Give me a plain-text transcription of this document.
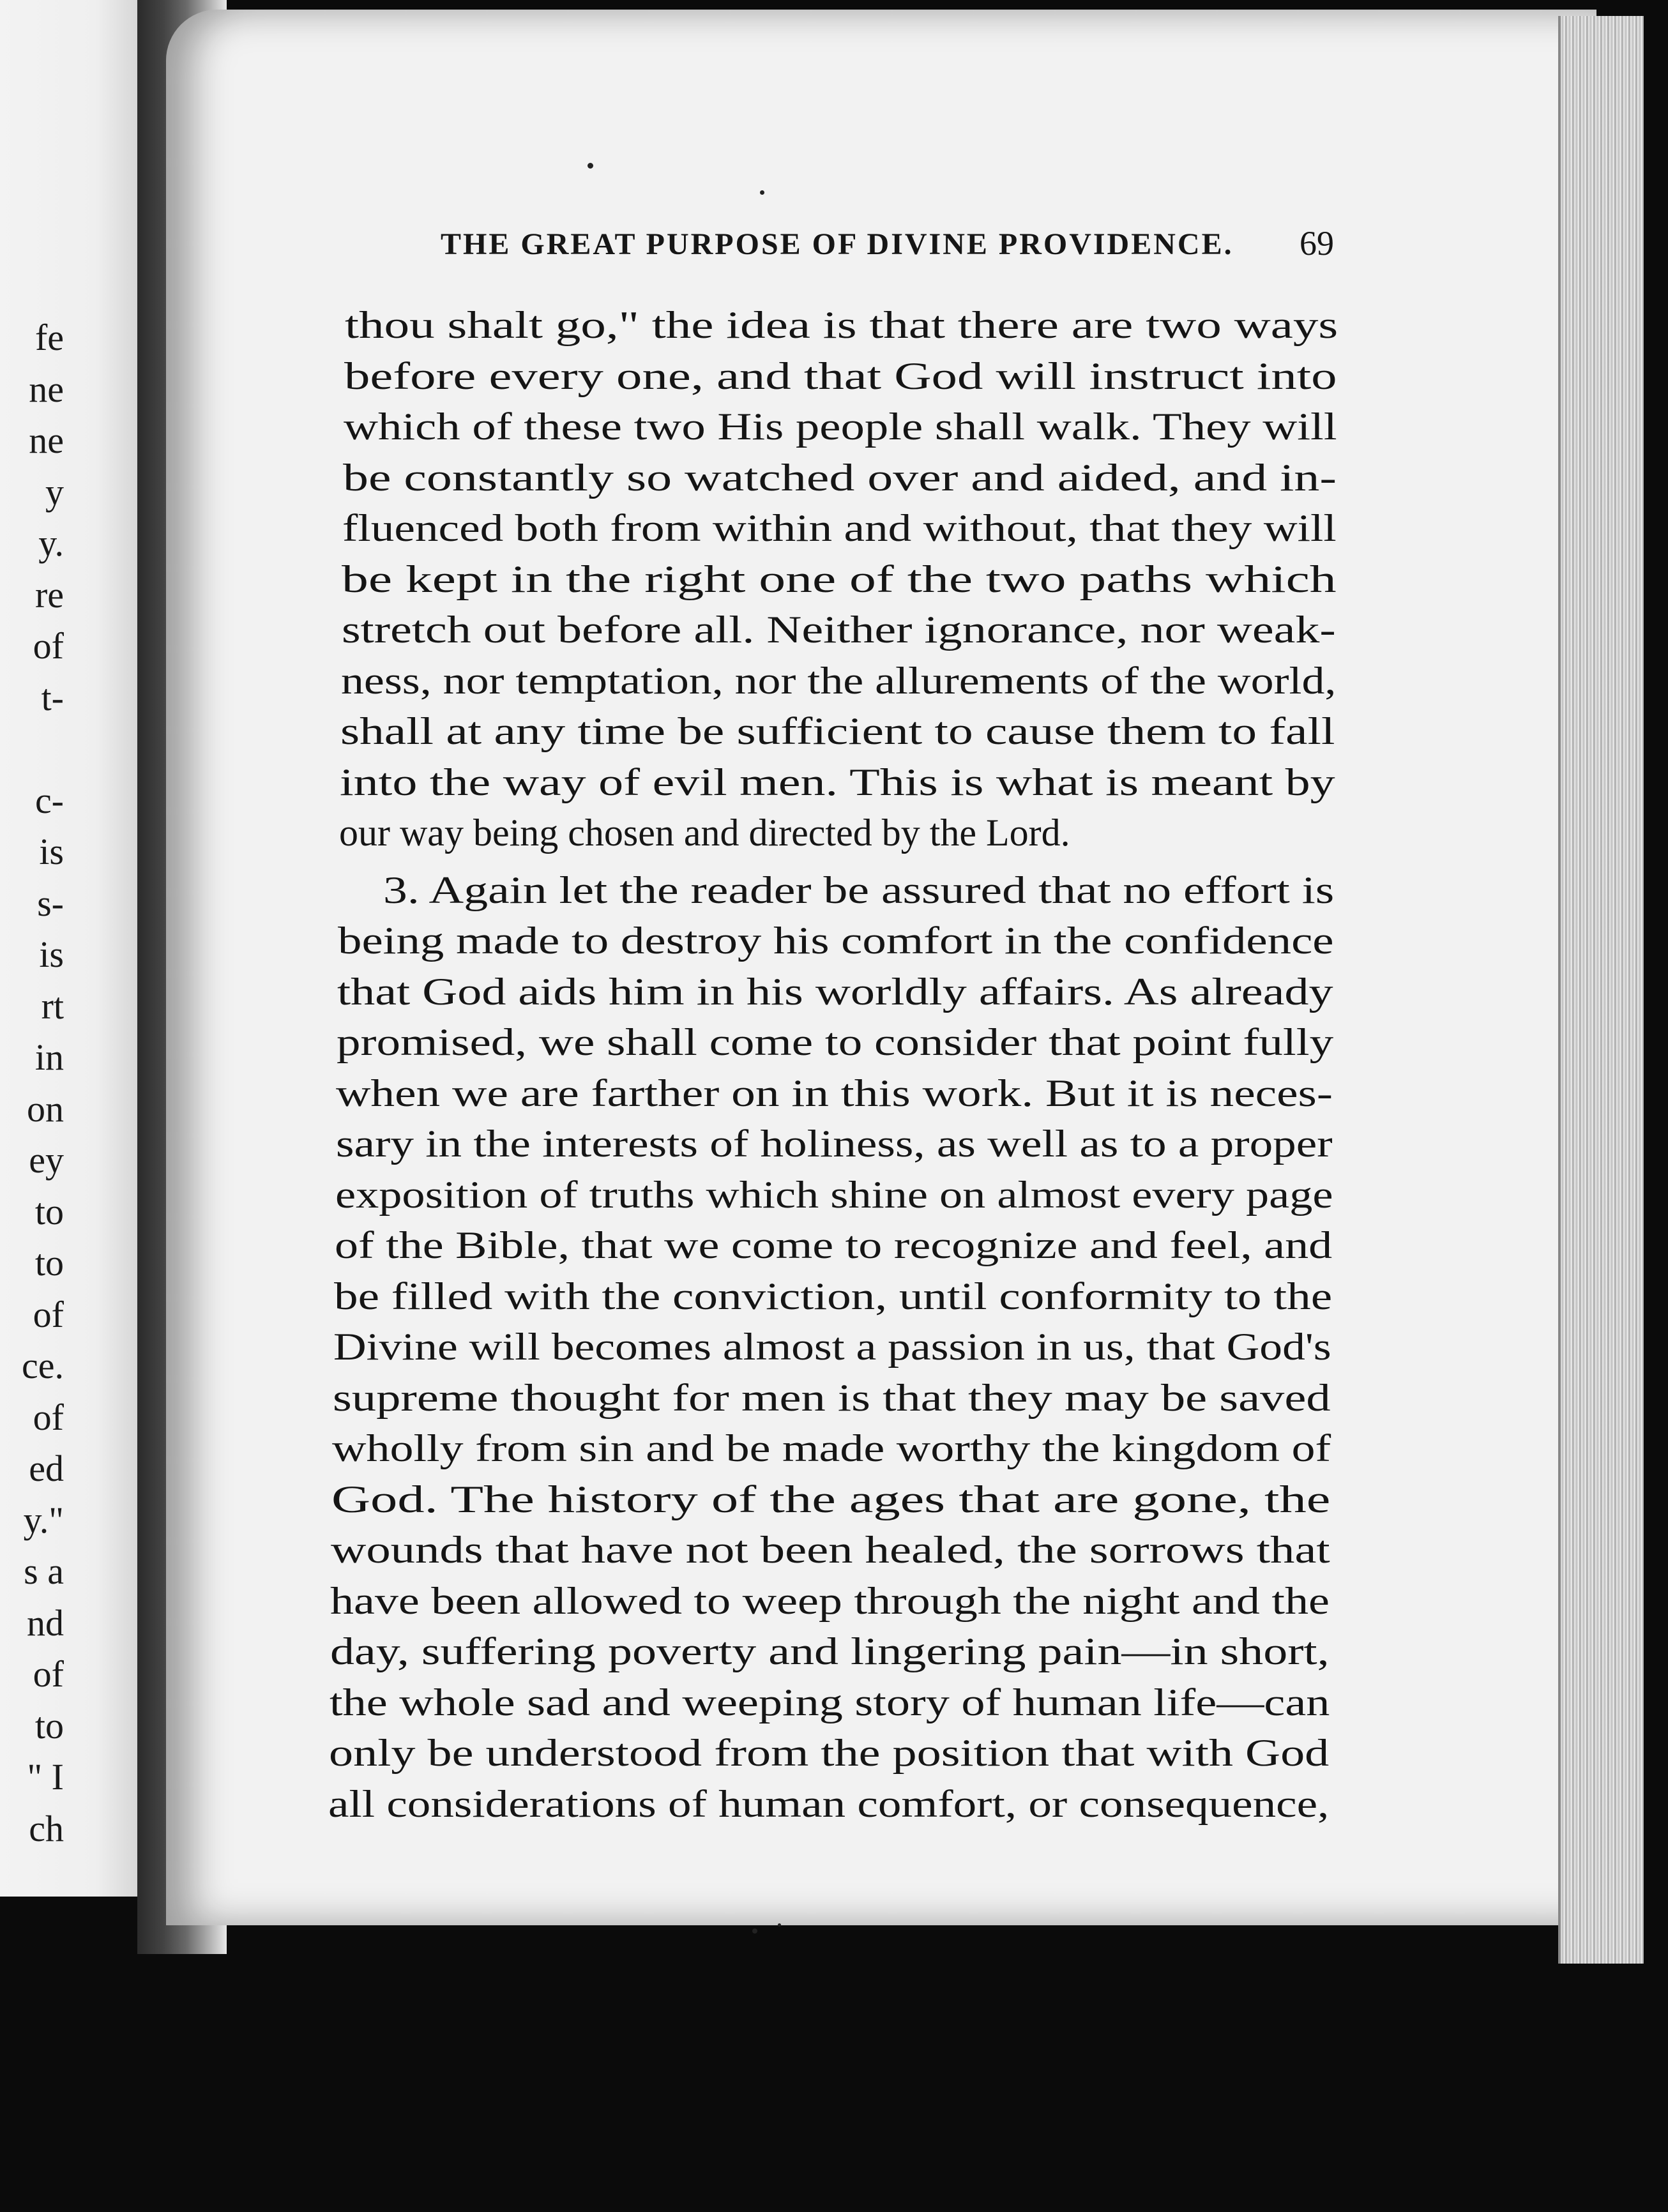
fe
ne
ne
y
y.
re
of
t-
c-
is
s-
is
rt
in
on
ey
to
to
of
ce.
of
ed
y."
s a
nd
of
to
" I
ch
THE GREAT PURPOSE OF DIVINE PROVIDENCE.	69
thou shalt go," the idea is that there are two ways
before every one, and that God will instruct into
which of these two His people shall walk. They will
be constantly so watched over and aided, and in-
fluenced both from within and without, that they will
be kept in the right one of the two paths which
stretch out before all. Neither ignorance, nor weak-
ness, nor temptation, nor the allurements of the world,
shall at any time be sufficient to cause them to fall
into the way of evil men. This is what is meant by
our way being chosen and directed by the Lord.
3. Again let the reader be assured that no effort is
being made to destroy his comfort in the confidence
that God aids him in his worldly affairs. As already
promised, we shall come to consider that point fully
when we are farther on in this work. But it is neces-
sary in the interests of holiness, as well as to a proper
exposition of truths which shine on almost every page
of the Bible, that we come to recognize and feel, and
be filled with the conviction, until conformity to the
Divine will becomes almost a passion in us, that God's
supreme thought for men is that they may be saved
wholly from sin and be made worthy the kingdom of
God. The history of the ages that are gone, the
wounds that have not been healed, the sorrows that
have been allowed to weep through the night and the
day, suffering poverty and lingering pain—in short,
the whole sad and weeping story of human life—can
only be understood from the position that with God
all considerations of human comfort, or consequence,
